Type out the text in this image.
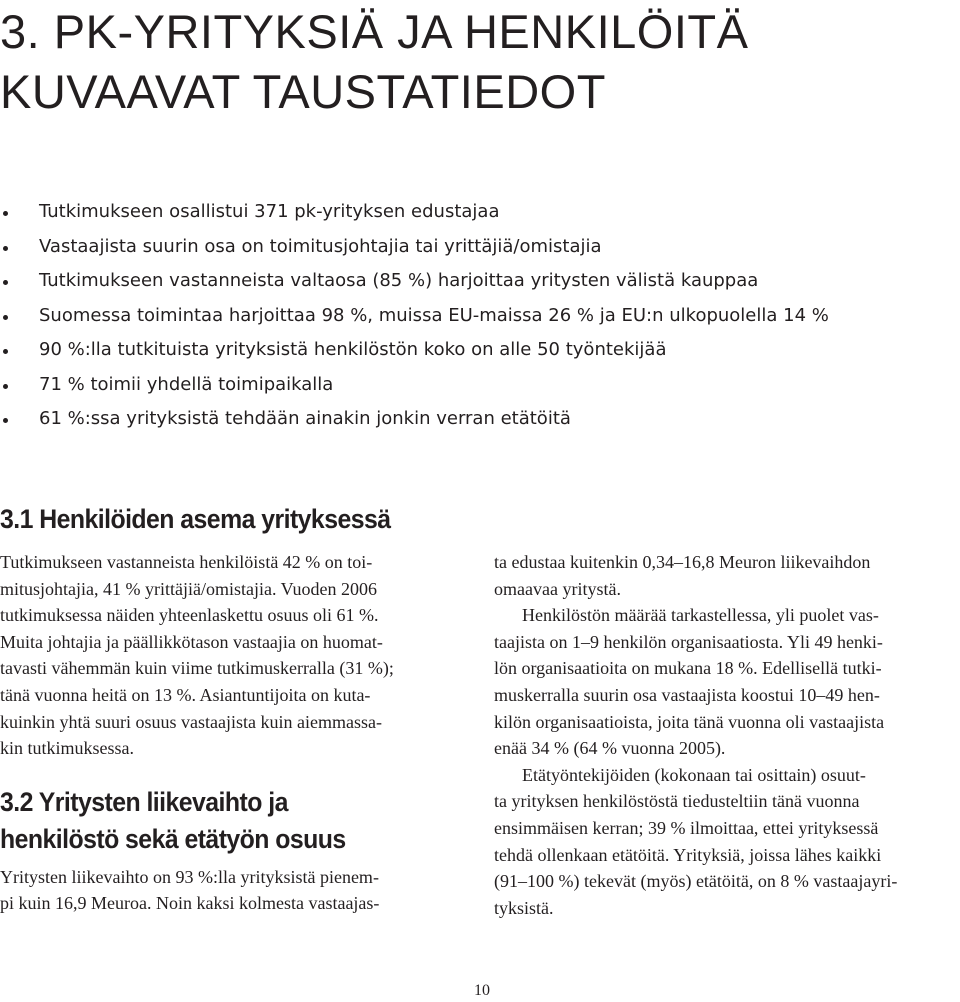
3. PK-YRITYKSIÄ JA HENKILÖITÄ
KUVAAVAT TAUSTATIEDOT
Tutkimukseen osallistui 371 pk-yrityksen edustajaa
Vastaajista suurin osa on toimitusjohtajia tai yrittäjiä/omistajia
Tutkimukseen vastanneista valtaosa (85 %) harjoittaa yritysten välistä kauppaa
Suomessa toimintaa harjoittaa 98 %, muissa EU-maissa 26 % ja EU:n ulkopuolella 14 %
90 %:lla tutkituista yrityksistä henkilöstön koko on alle 50 työntekijää
71 % toimii yhdellä toimipaikalla
61 %:ssa yrityksistä tehdään ainakin jonkin verran etätöitä
3.1 Henkilöiden asema yrityksessä

Tutkimukseen vastanneista henkilöistä 42 % on toi-
mitusjohtajia, 41 % yrittäjiä/omistajia. Vuoden 2006
tutkimuksessa näiden yhteenlaskettu osuus oli 61 %.
Muita johtajia ja päällikkötason vastaajia on huomat-
tavasti vähemmän kuin viime tutkimuskerralla (31 %);
tänä vuonna heitä on 13 %. Asiantuntijoita on kuta-
kuinkin yhtä suuri osuus vastaajista kuin aiemmassa-
kin tutkimuksessa.

3.2 Yritysten liikevaihto ja
henkilöstö sekä etätyön osuus

Yritysten liikevaihto on 93 %:lla yrityksistä pienem-
pi kuin 16,9 Meuroa. Noin kaksi kolmesta vastaajas-

ta edustaa kuitenkin 0,34–16,8 Meuron liikevaihdon
omaavaa yritystä.

Henkilöstön määrää tarkastellessa, yli puolet vas-
taajista on 1–9 henkilön organisaatiosta. Yli 49 henki-
lön organisaatioita on mukana 18 %. Edellisellä tutki-
muskerralla suurin osa vastaajista koostui 10–49 hen-
kilön organisaatioista, joita tänä vuonna oli vastaajista
enää 34 % (64 % vuonna 2005).

Etätyöntekijöiden (kokonaan tai osittain) osuut-
ta yrityksen henkilöstöstä tiedusteltiin tänä vuonna
ensimmäisen kerran; 39 % ilmoittaa, ettei yrityksessä
tehdä ollenkaan etätöitä. Yrityksiä, joissa lähes kaikki
(91–100 %) tekevät (myös) etätöitä, on 8 % vastaajayri-
tyksistä.

10
